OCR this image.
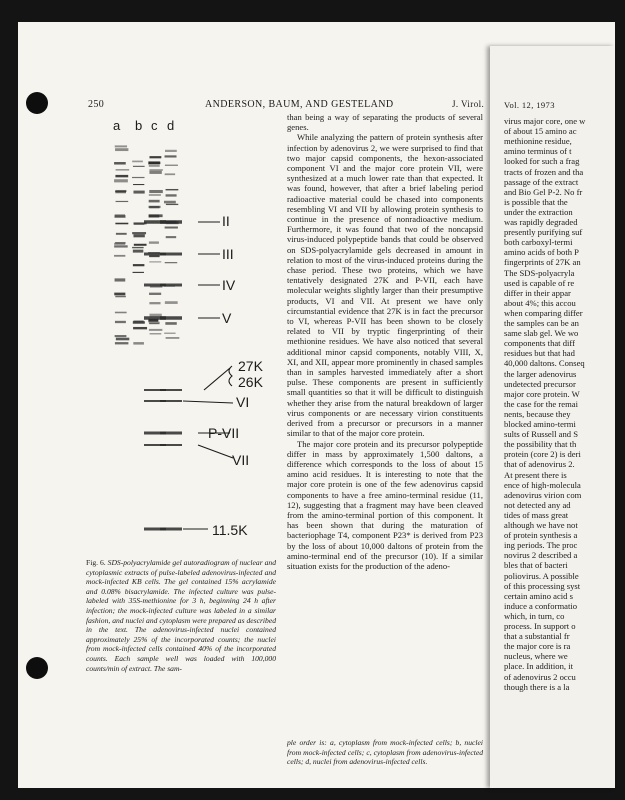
250	ANDERSON, BAUM, AND GESTELAND	J. Virol.
a b c d
II
III
IV
V
27K
26K
VI
P-VII
VII
11.5K
Fig. 6. SDS-polyacrylamide gel autoradiogram of nuclear and cytoplasmic extracts of pulse-labeled adenovirus-infected and mock-infected KB cells. The gel contained 15% acrylamide and 0.08% bisacrylamide. The infected culture was pulse-labeled with 35S-methionine for 3 h, beginning 24 h after infection; the mock-infected culture was labeled in a similar fashion, and nuclei and cytoplasm were prepared as described in the text. The adenovirus-infected nuclei contained approximately 25% of the incorporated counts; the nuclei from mock-infected cells contained 40% of the incorporated counts. Each sample well was loaded with 100,000 counts/min of extract. The sam-

than being a way of separating the products of several genes.

While analyzing the pattern of protein synthesis after infection by adenovirus 2, we were surprised to find that two major capsid components, the hexon-associated component VI and the major core protein VII, were synthesized at a much lower rate than that expected. It was found, however, that after a brief labeling period radioactive material could be chased into components resembling VI and VII by allowing protein synthesis to continue in the presence of nonradioactive medium. Furthermore, it was found that two of the noncapsid virus-induced polypeptide bands that could be observed on SDS-polyacrylamide gels decreased in amount in relation to most of the virus-induced proteins during the chase period. These two proteins, which we have tentatively designated 27K and P-VII, each have molecular weights slightly larger than their presumptive products, VI and VII. At present we have only circumstantial evidence that 27K is in fact the precursor to VI, whereas P-VII has been shown to be closely related to VII by tryptic fingerprinting of their methionine residues. We have also noticed that several additional minor capsid components, notably VIII, X, XI, and XII, appear more prominently in chased samples than in samples harvested immediately after a short pulse. These components are present in sufficiently small quantities so that it will be difficult to distinguish whether they arise from the natural breakdown of larger virus components or are necessary virion constituents derived from a precursor or precursors in a manner similar to that of the major core protein.

The major core protein and its precursor polypeptide differ in mass by approximately 1,500 daltons, a difference which corresponds to the loss of about 15 amino acid residues. It is interesting to note that the major core protein is one of the few adenovirus capsid components to have a free amino-terminal residue (11, 12), suggesting that a fragment may have been cleaved from the amino-terminal portion of this component. It has been shown that during the maturation of bacteriophage T4, component P23* is derived from P23 by the loss of about 10,000 daltons of protein from the amino-terminal end of the precursor (10). If a similar situation exists for the production of the adeno-

ple order is: a, cytoplasm from mock-infected cells; b, nuclei from mock-infected cells; c, cytoplasm from adenovirus-infected cells; d, nuclei from adenovirus-infected cells.
Vol. 12, 1973
virus major core, one w
of about 15 amino ac
methionine residue,
amino terminus of t
looked for such a frag
tracts of frozen and tha
passage of the extract
and Bio Gel P-2. No fr
is possible that the
under the extraction
was rapidly degraded
presently purifying suf
both carboxyl-termi
amino acids of both P
fingerprints of 27K an
The SDS-polyacryla
used is capable of re
differ in their appar
about 4%; this accou
when comparing differ
the samples can be an
same slab gel. We wo
components that diff
residues but that had
40,000 daltons. Conseq
the larger adenovirus
undetected precursor
major core protein. W
the case for the remai
nents, because they
blocked amino-termi
sults of Russell and S
the possibility that th
protein (core 2) is deri
that of adenovirus 2.
At present there is
ence of high-molecula
adenovirus virion com
not detected any ad
tides of mass great
although we have not
of protein synthesis a
ing periods. The proc
novirus 2 described a
bles that of bacteri
poliovirus. A possible
of this processing syst
certain amino acid s
induce a conformatio
which, in turn, co
process. In support o
that a substantial fr
the major core is ra
nucleus, where we
place. In addition, it
of adenovirus 2 occu
though there is a la
